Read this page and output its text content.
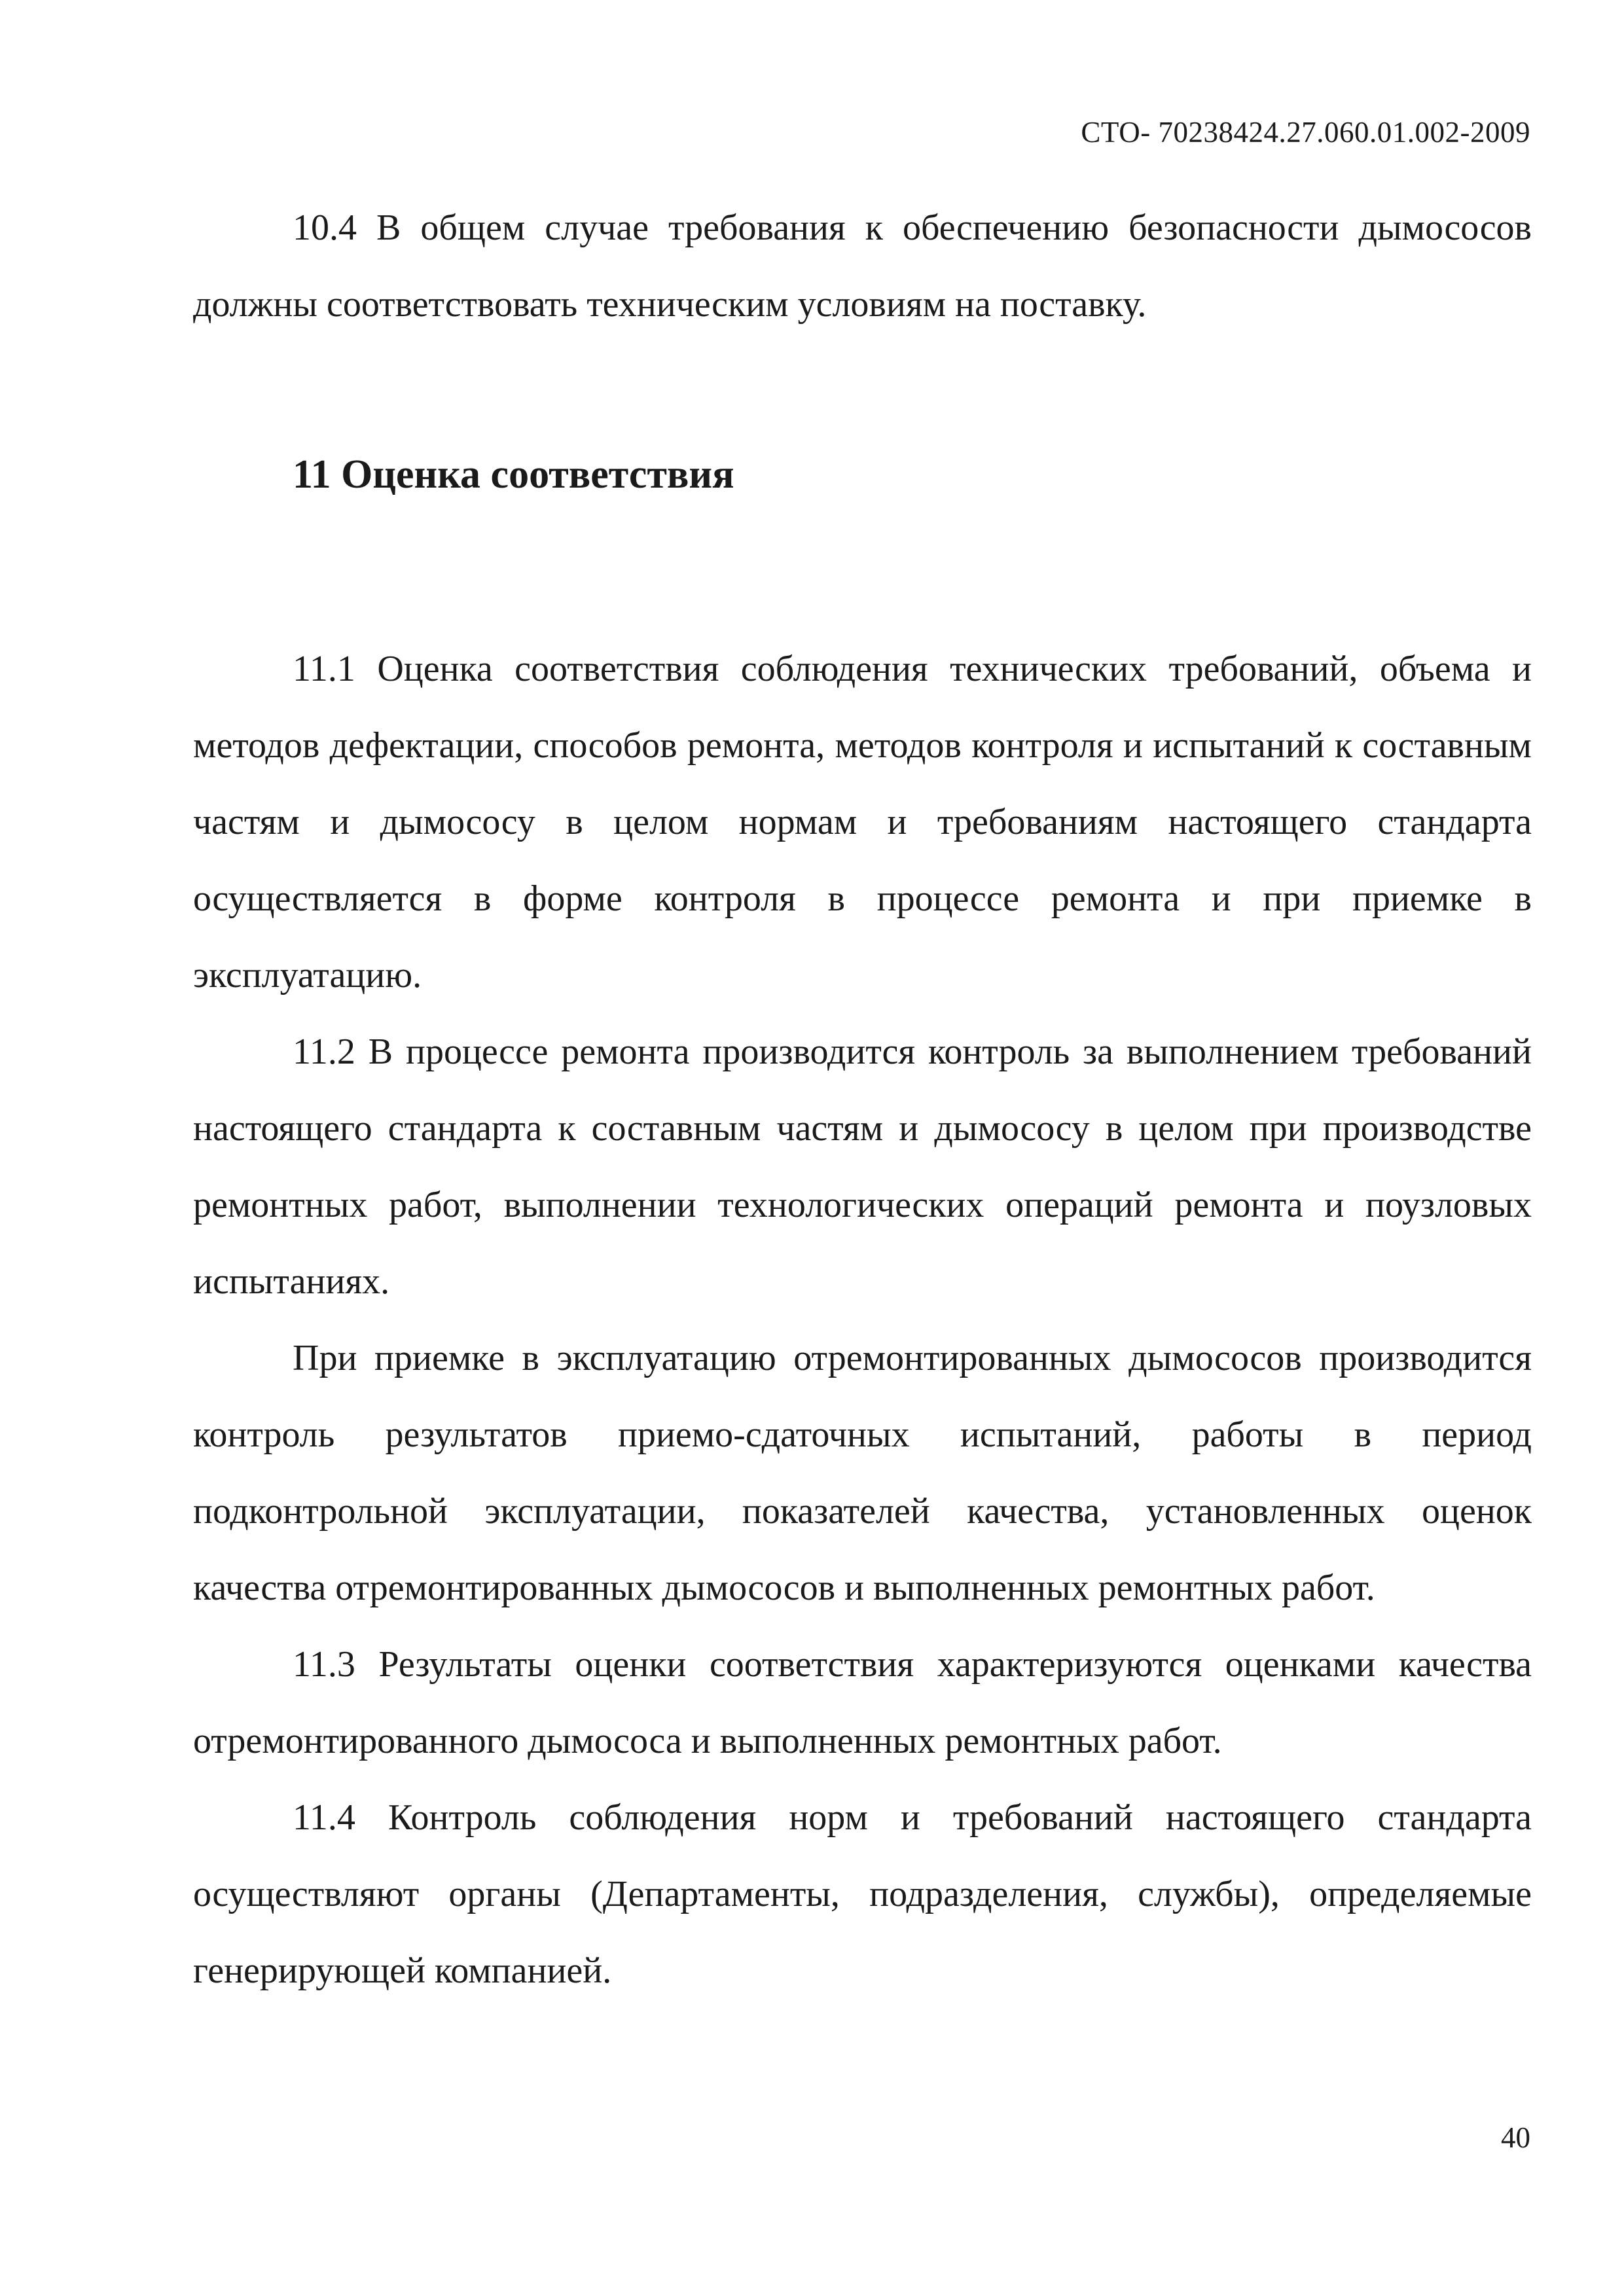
СТО- 70238424.27.060.01.002-2009

10.4 В общем случае требования к обеспечению безопасности дымососов должны соответствовать техническим условиям на поставку.

11 Оценка соответствия

11.1 Оценка соответствия соблюдения технических требований, объема и методов дефектации, способов ремонта, методов контроля и испытаний к составным частям и дымососу в целом нормам и требованиям настоящего стандарта осуществляется в форме контроля в процессе ремонта и при приемке в эксплуатацию.

11.2 В процессе ремонта производится контроль за выполнением требований настоящего стандарта к составным частям и дымососу в целом при производстве ремонтных работ, выполнении технологических операций ремонта и поузловых испытаниях.

При приемке в эксплуатацию отремонтированных дымососов производится контроль результатов приемо-сдаточных испытаний, работы в период подконтрольной эксплуатации, показателей качества, установленных оценок качества отремонтированных дымососов и выполненных ремонтных работ.

11.3 Результаты оценки соответствия характеризуются оценками качества отремонтированного дымососа и выполненных ремонтных работ.

11.4 Контроль соблюдения норм и требований настоящего стандарта осуществляют органы (Департаменты, подразделения, службы), определяемые генерирующей компанией.

40
